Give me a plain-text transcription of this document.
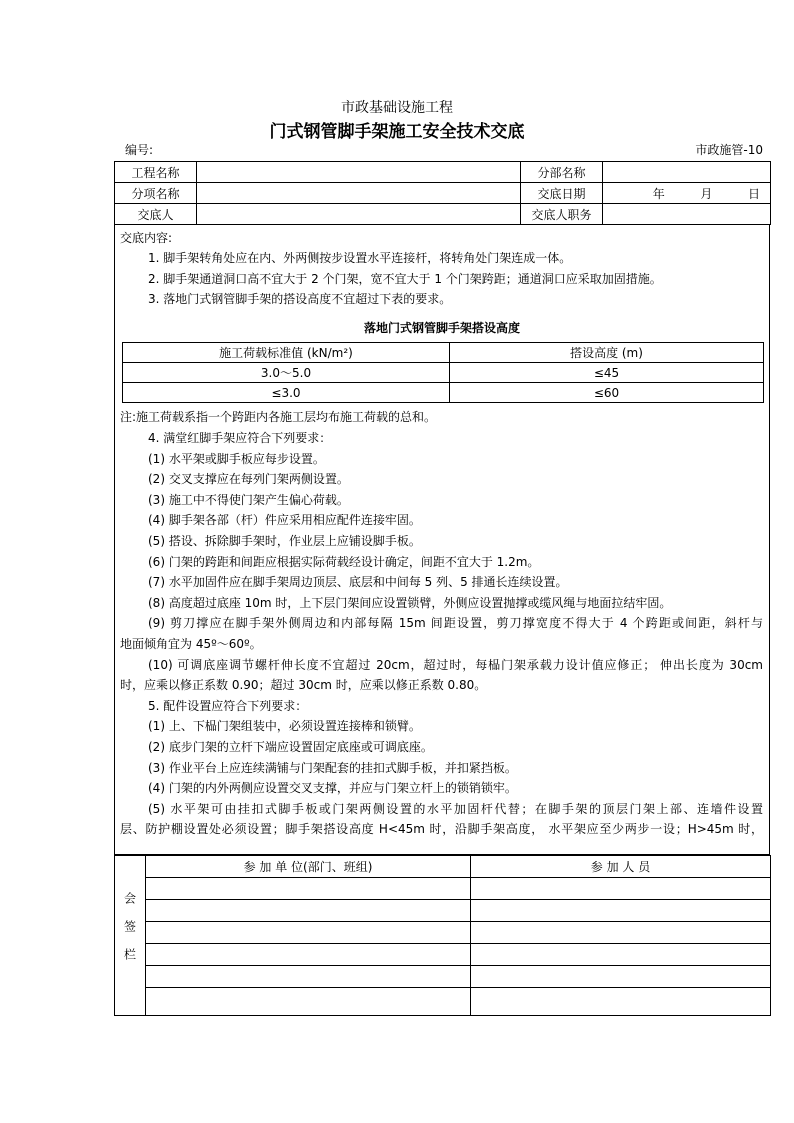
市政基础设施工程
门式钢管脚手架施工安全技术交底
编号:	市政施管-10
工程名称		分部名称	
分项名称		交底日期	年  月  日
交底人		交底人职务	
交底内容:
1. 脚手架转角处应在内、外两侧按步设置水平连接杆，将转角处门架连成一体。
2. 脚手架通道洞口高不宜大于 2 个门架，宽不宜大于 1 个门架跨距；通道洞口应采取加固措施。
3. 落地门式钢管脚手架的搭设高度不宜超过下表的要求。
落地门式钢管脚手架搭设高度
施工荷载标准值 (kN/m²)	搭设高度 (m)
3.0～5.0	≤45
≤3.0	≤60
注:施工荷载系指一个跨距内各施工层均布施工荷载的总和。
4. 满堂红脚手架应符合下列要求：
(1) 水平架或脚手板应每步设置。
(2) 交叉支撑应在每列门架两侧设置。
(3) 施工中不得使门架产生偏心荷载。
(4) 脚手架各部（杆）件应采用相应配件连接牢固。
(5) 搭设、拆除脚手架时，作业层上应铺设脚手板。
(6) 门架的跨距和间距应根据实际荷载经设计确定，间距不宜大于 1.2m。
(7) 水平加固件应在脚手架周边顶层、底层和中间每 5 列、5 排通长连续设置。
(8) 高度超过底座 10m 时，上下层门架间应设置锁臂，外侧应设置抛撑或缆风绳与地面拉结牢固。
(9) 剪刀撑应在脚手架外侧周边和内部每隔 15m 间距设置，剪刀撑宽度不得大于 4 个跨距或间距，斜杆与
地面倾角宜为 45º～60º。
(10) 可调底座调节螺杆伸长度不宜超过 20cm，超过时，每榀门架承载力设计值应修正； 伸出长度为 30cm
时，应乘以修正系数 0.90；超过 30cm 时，应乘以修正系数 0.80。
5. 配件设置应符合下列要求：
(1) 上、下榀门架组装中，必须设置连接棒和锁臂。
(2) 底步门架的立杆下端应设置固定底座或可调底座。
(3) 作业平台上应连续满铺与门架配套的挂扣式脚手板，并扣紧挡板。
(4) 门架的内外两侧应设置交叉支撑，并应与门架立杆上的锁销锁牢。
(5) 水平架可由挂扣式脚手板或门架两侧设置的水平加固杆代替；在脚手架的顶层门架上部、连墙件设置
层、防护棚设置处必须设置；脚手架搭设高度 H<45m 时，沿脚手架高度， 水平架应至少两步一设；H>45m 时，
会签栏	参 加 单 位(部门、班组)	参 加 人 员
